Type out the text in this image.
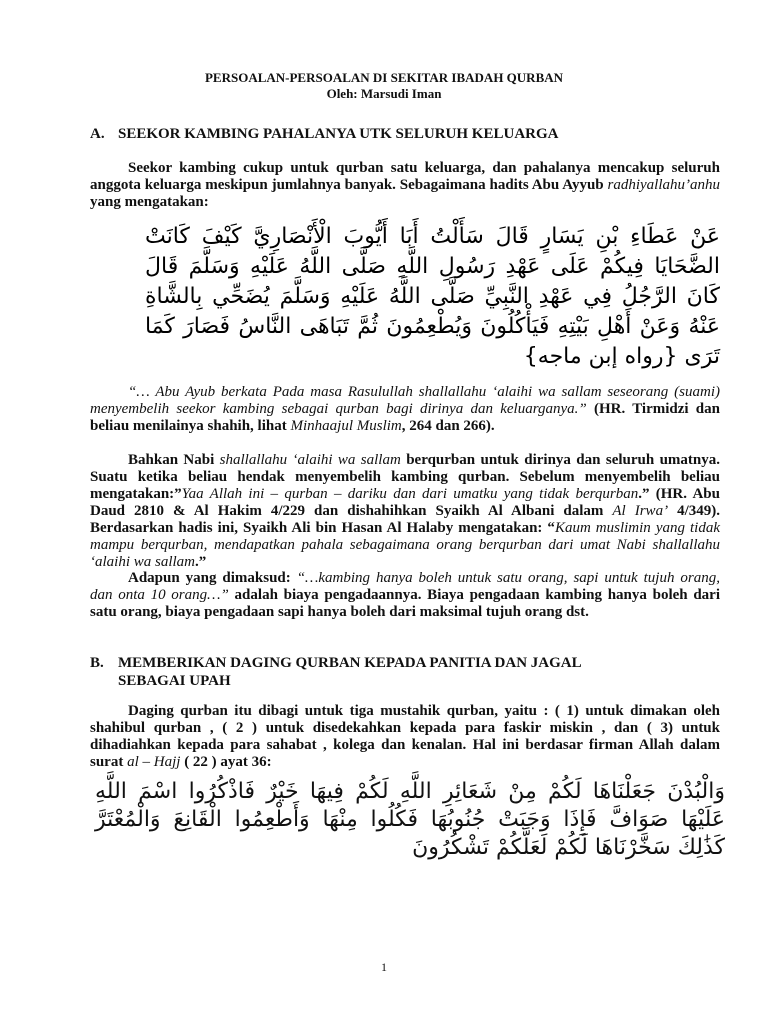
PERSOALAN-PERSOALAN DI SEKITAR IBADAH QURBAN
Oleh: Marsudi Iman
A. SEEKOR KAMBING PAHALANYA UTK SELURUH KELUARGA
Seekor kambing cukup untuk qurban satu keluarga, dan pahalanya mencakup seluruh anggota keluarga meskipun jumlahnya banyak. Sebagaimana hadits Abu Ayyub radhiyallahu’anhu yang mengatakan:
عَنْ عَطَاءِ بْنِ يَسَارٍ قَالَ سَأَلْتُ أَبَا أَيُّوبَ الْأَنْصَارِيَّ كَيْفَ كَانَتْ الضَّحَايَا فِيكُمْ عَلَى عَهْدِ رَسُولِ اللَّهِ صَلَّى اللَّهُ عَلَيْهِ وَسَلَّمَ قَالَ كَانَ الرَّجُلُ فِي عَهْدِ النَّبِيِّ صَلَّى اللَّهُ عَلَيْهِ وَسَلَّمَ يُضَحِّي بِالشَّاةِ عَنْهُ وَعَنْ أَهْلِ بَيْتِهِ فَيَأْكُلُونَ وَيُطْعِمُونَ ثُمَّ تَبَاهَى النَّاسُ فَصَارَ كَمَا تَرَى {رواه إبن ماجه}
“… Abu Ayub berkata Pada masa Rasulullah shallallahu ‘alaihi wa sallam seseorang (suami) menyembelih seekor kambing sebagai qurban bagi dirinya dan keluarganya.” (HR. Tirmidzi dan beliau menilainya shahih, lihat Minhaajul Muslim, 264 dan 266).
Bahkan Nabi shallallahu ‘alaihi wa sallam berqurban untuk dirinya dan seluruh umatnya. Suatu ketika beliau hendak menyembelih kambing qurban. Sebelum menyembelih beliau mengatakan:”Yaa Allah ini – qurban – dariku dan dari umatku yang tidak berqurban.” (HR. Abu Daud 2810 & Al Hakim 4/229 dan dishahihkan Syaikh Al Albani dalam Al Irwa’ 4/349). Berdasarkan hadis ini, Syaikh Ali bin Hasan Al Halaby mengatakan: “Kaum muslimin yang tidak mampu berqurban, mendapatkan pahala sebagaimana orang berqurban dari umat Nabi shallallahu ‘alaihi wa sallam.”
Adapun yang dimaksud: “…kambing hanya boleh untuk satu orang, sapi untuk tujuh orang, dan onta 10 orang…” adalah biaya pengadaannya. Biaya pengadaan kambing hanya boleh dari satu orang, biaya pengadaan sapi hanya boleh dari maksimal tujuh orang dst.
B. MEMBERIKAN DAGING QURBAN KEPADA PANITIA DAN JAGAL
SEBAGAI UPAH
Daging qurban itu dibagi untuk tiga mustahik qurban, yaitu : ( 1) untuk dimakan oleh shahibul qurban , ( 2 ) untuk disedekahkan kepada para faskir miskin , dan ( 3) untuk dihadiahkan kepada para sahabat , kolega dan kenalan. Hal ini berdasar firman Allah dalam surat al – Hajj ( 22 ) ayat 36:
وَالْبُدْنَ جَعَلْنَاهَا لَكُمْ مِنْ شَعَائِرِ اللَّهِ لَكُمْ فِيهَا خَيْرٌ فَاذْكُرُوا اسْمَ اللَّهِ عَلَيْهَا صَوَافَّ فَإِذَا وَجَبَتْ جُنُوبُهَا فَكُلُوا مِنْهَا وَأَطْعِمُوا الْقَانِعَ وَالْمُعْتَرَّ كَذَٰلِكَ سَخَّرْنَاهَا لَكُمْ لَعَلَّكُمْ تَشْكُرُونَ
1
